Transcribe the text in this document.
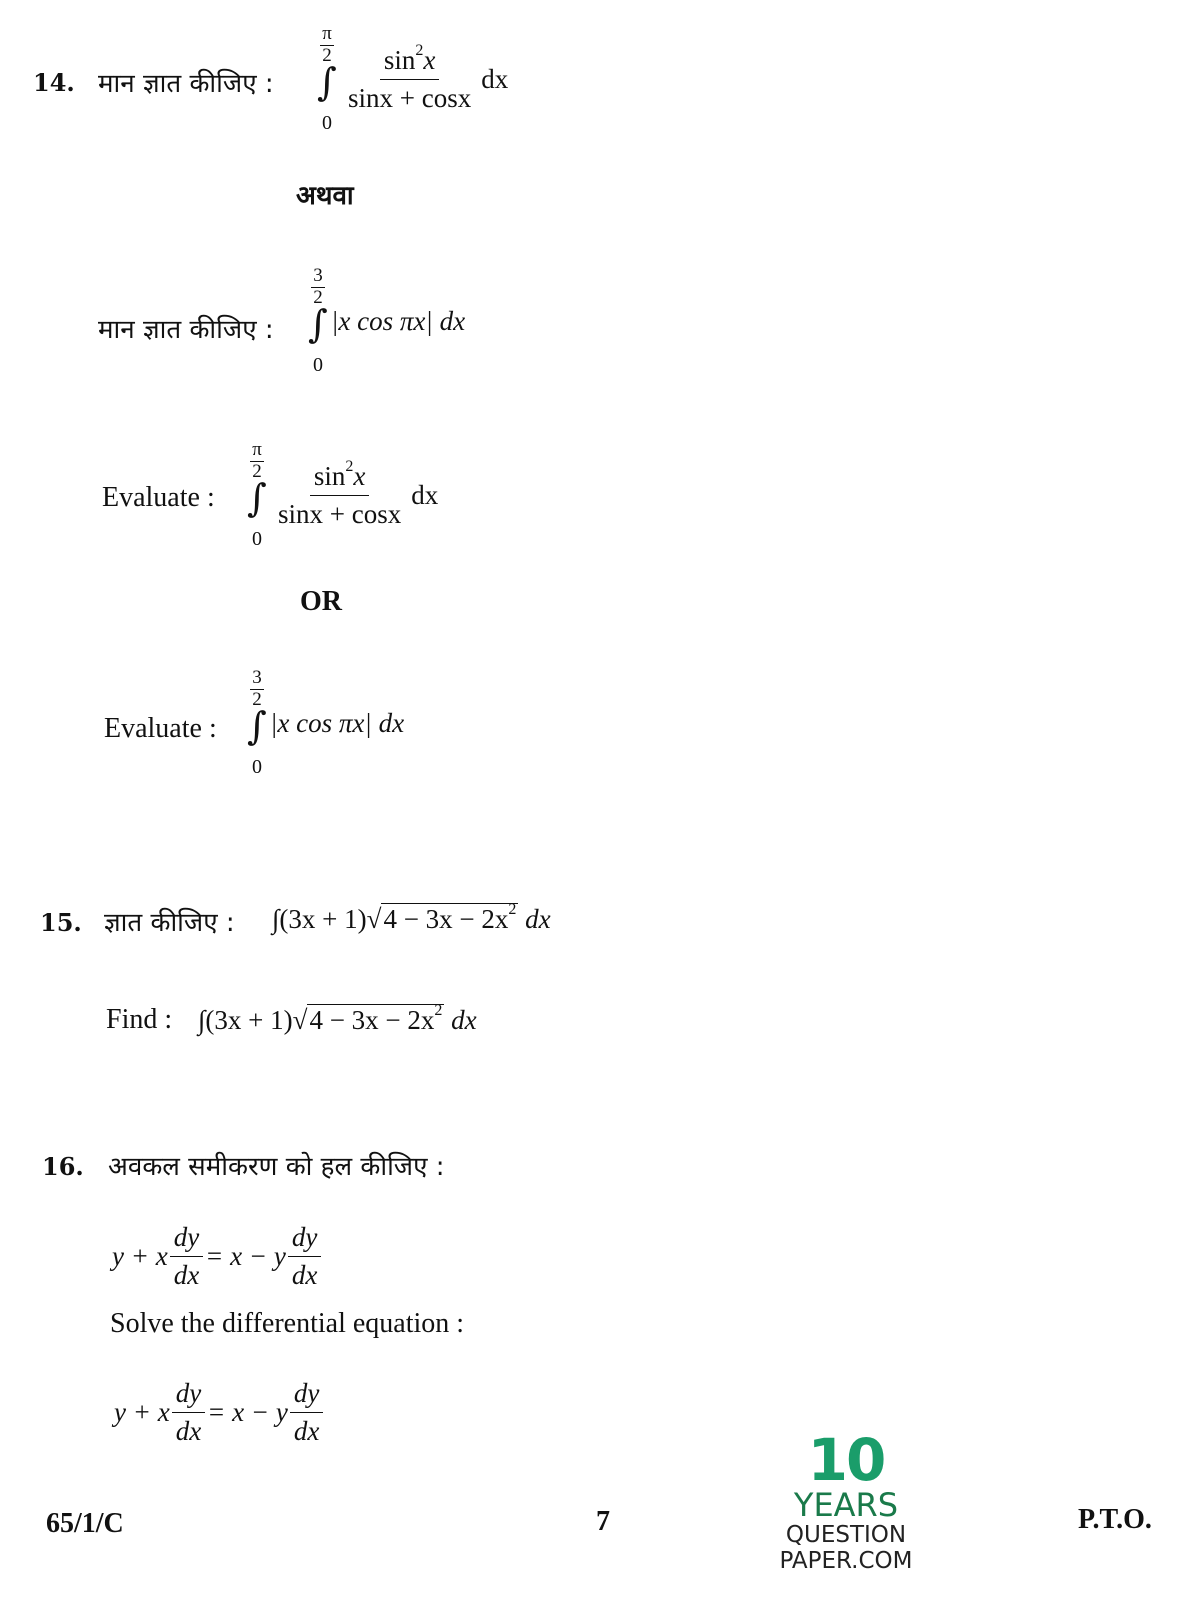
14. मान ज्ञात कीजिए :
π
2
∫
0
$\frac{\sin^2x}{\sin x + \cos x}$ dx
अथवा
मान ज्ञात कीजिए :
3
2
∫
0
|x cos πx| dx
Evaluate :
π
2
∫
0
$\frac{\sin^2x}{\sin x + \cos x}$ dx
OR
Evaluate :
3
2
∫
0
|x cos πx| dx
15. ज्ञात कीजिए : $\int(3x + 1)√4 - 3x - 2x^2$ dx
Find : $\int(3x + 1)√4 - 3x - 2x^2$ dx
16. अवकल समीकरण को हल कीजिए :
y + x $\frac{dy}{dx} = x - y \frac{dy}{dx}$
Solve the differential equation :
y + x $\frac{dy}{dx} = x - y \frac{dy}{dx}$
65/1/C	7	P.T.O.
10
YEARS
QUESTION PAPER.COM
